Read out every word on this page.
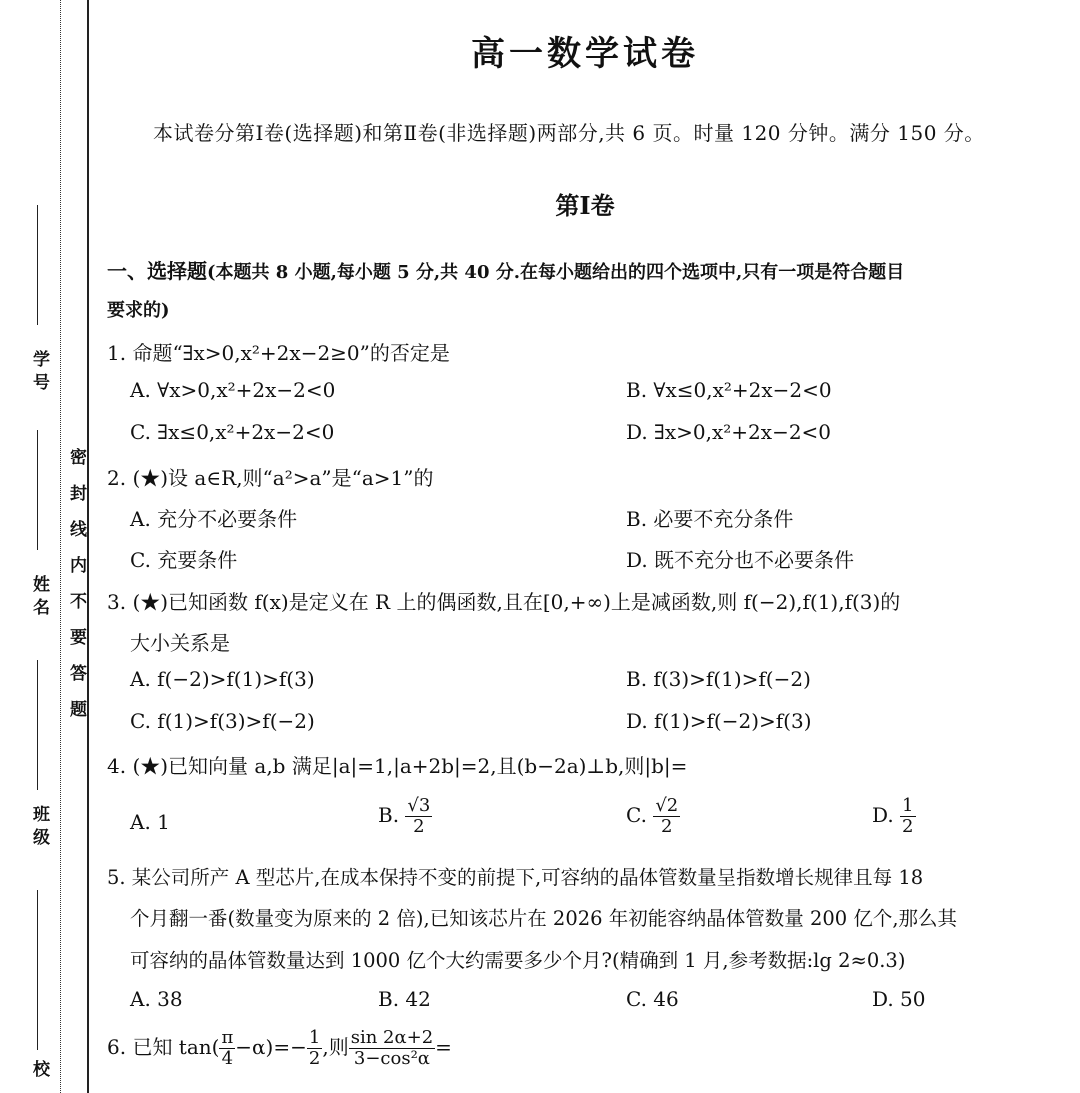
学 号
姓 名
班 级
校
密封线内不要答题
高一数学试卷
本试卷分第Ⅰ卷(选择题)和第Ⅱ卷(非选择题)两部分,共 6 页。时量 120 分钟。满分 150 分。
第Ⅰ卷
一、选择题(本题共 8 小题,每小题 5 分,共 40 分.在每小题给出的四个选项中,只有一项是符合题目
要求的)
1. 命题“∃x>0,x²+2x−2≥0”的否定是
A. ∀x>0,x²+2x−2<0	B. ∀x≤0,x²+2x−2<0
C. ∃x≤0,x²+2x−2<0	D. ∃x>0,x²+2x−2<0
2. (★)设 a∈R,则“a²>a”是“a>1”的
A. 充分不必要条件	B. 必要不充分条件
C. 充要条件	D. 既不充分也不必要条件
3. (★)已知函数 f(x)是定义在 R 上的偶函数,且在[0,+∞)上是减函数,则 f(−2),f(1),f(3)的
大小关系是
A. f(−2)>f(1)>f(3)	B. f(3)>f(1)>f(−2)
C. f(1)>f(3)>f(−2)	D. f(1)>f(−2)>f(3)
4. (★)已知向量 a,b 满足|a|=1,|a+2b|=2,且(b−2a)⊥b,则|b|=
A. 1	B. $\frac{√3}{2}$	C. $\frac{√2}{2}$	D. $\frac{1}{2}$
5. 某公司所产 A 型芯片,在成本保持不变的前提下,可容纳的晶体管数量呈指数增长规律且每 18
个月翻一番(数量变为原来的 2 倍),已知该芯片在 2026 年初能容纳晶体管数量 200 亿个,那么其
可容纳的晶体管数量达到 1000 亿个大约需要多少个月?(精确到 1 月,参考数据:lg 2≈0.3)
A. 38	B. 42	C. 46	D. 50
6. 已知 $\tan( \frac{\pi}{4} -\alpha)=- \frac{1}{2}$ ,则 $\frac{\sin 2\alpha+2}{\text{3−cos²α}}$ =
